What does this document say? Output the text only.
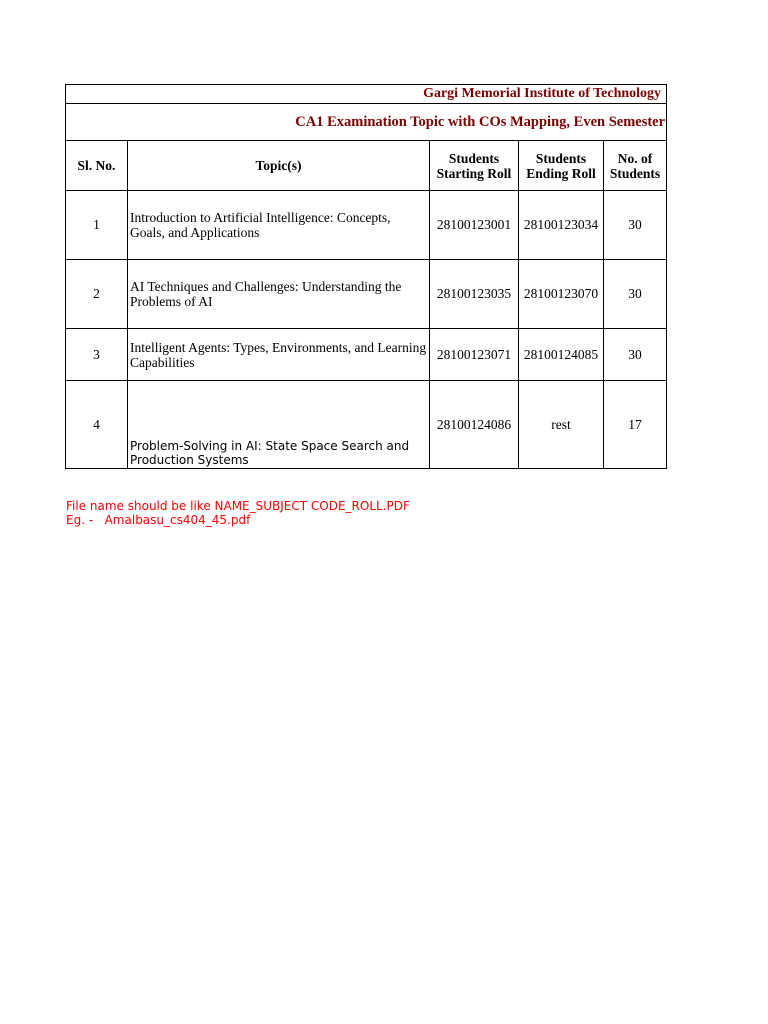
Gargi Memorial Institute of Technology				
CA1 Examination Topic with COs Mapping, Even Semester				
Sl. No.	Topic(s)	Students Starting Roll	Students Ending Roll	No. of Students
1	Introduction to Artificial Intelligence: Concepts, Goals, and Applications	28100123001	28100123034	30
2	AI Techniques and Challenges: Understanding the Problems of AI	28100123035	28100123070	30
3	Intelligent Agents: Types, Environments, and Learning Capabilities	28100123071	28100124085	30
4	Problem-Solving in AI: State Space Search and Production Systems	28100124086	rest	17
File name should be like NAME_SUBJECT CODE_ROLL.PDF
Eg. -   Amalbasu_cs404_45.pdf
